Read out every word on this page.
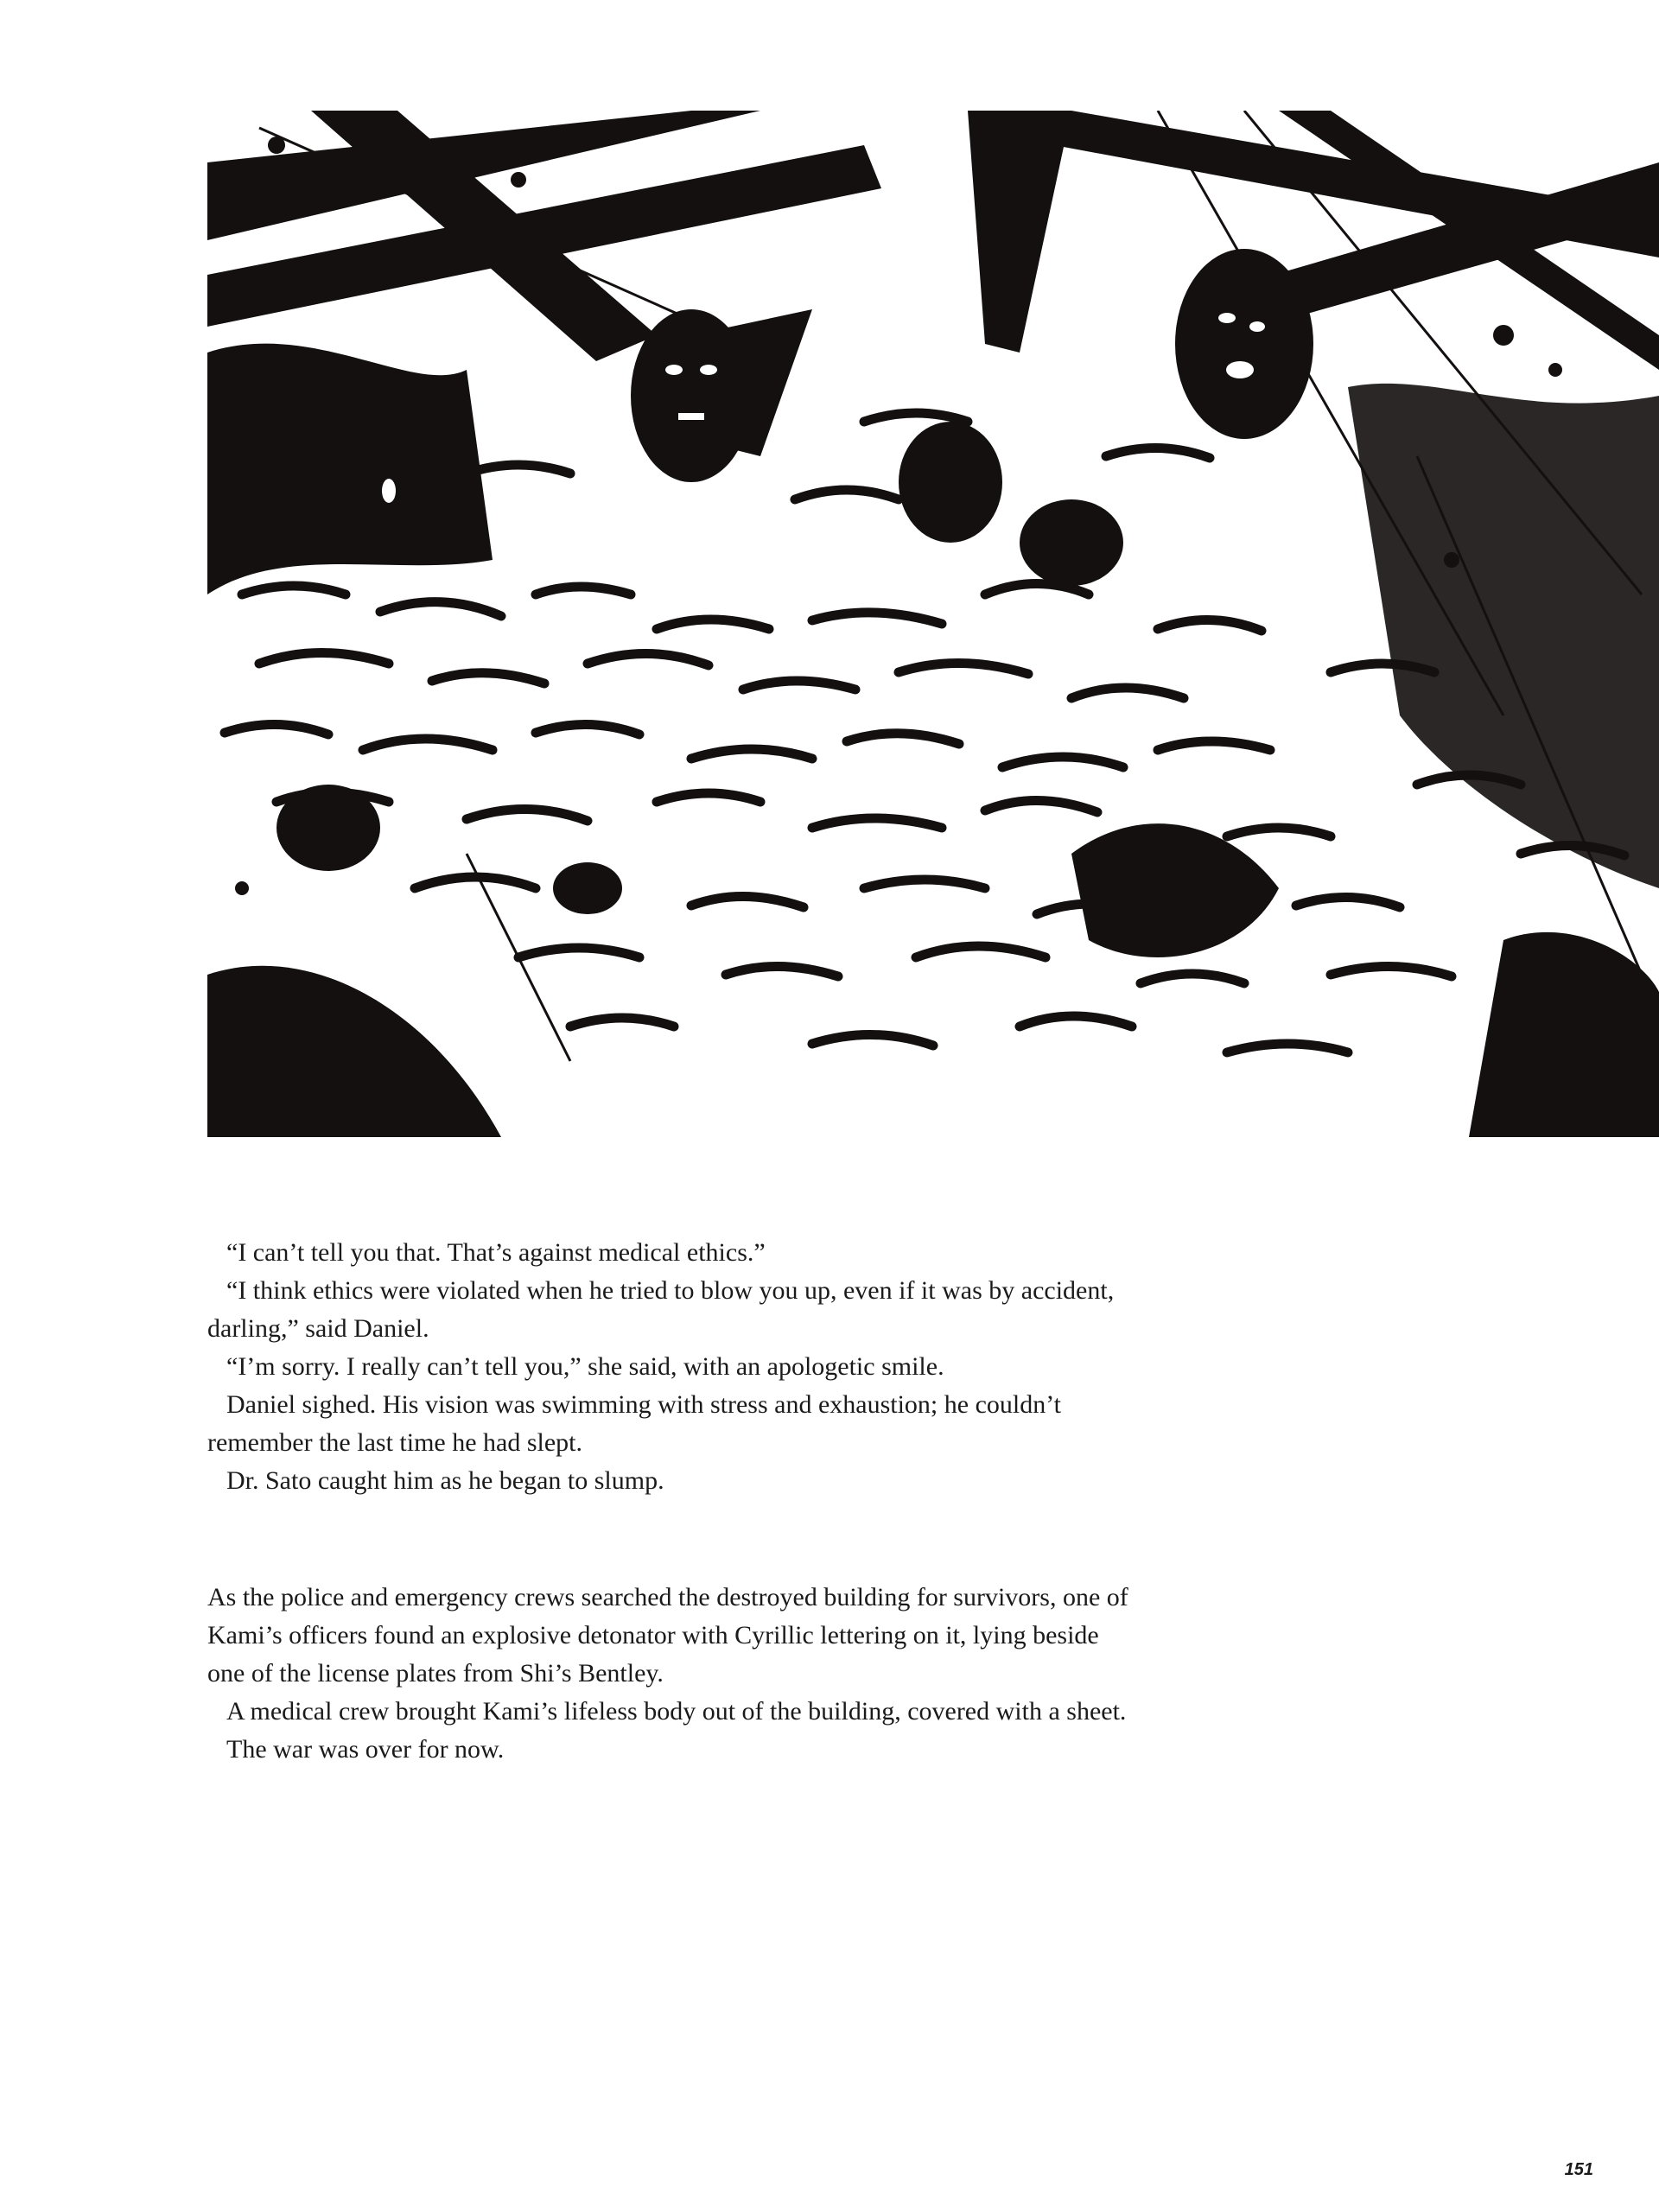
“I can’t tell you that. That’s against medical ethics.”

“I think ethics were violated when he tried to blow you up, even if it was by accident, darling,” said Daniel.

“I’m sorry. I really can’t tell you,” she said, with an apologetic smile.

Daniel sighed. His vision was swimming with stress and exhaustion; he couldn’t remember the last time he had slept.

Dr. Sato caught him as he began to slump.

As the police and emergency crews searched the destroyed building for survivors, one of Kami’s officers found an explosive detonator with Cyrillic lettering on it, lying beside one of the license plates from Shi’s Bentley.

A medical crew brought Kami’s lifeless body out of the building, covered with a sheet.

The war was over for now.

151
